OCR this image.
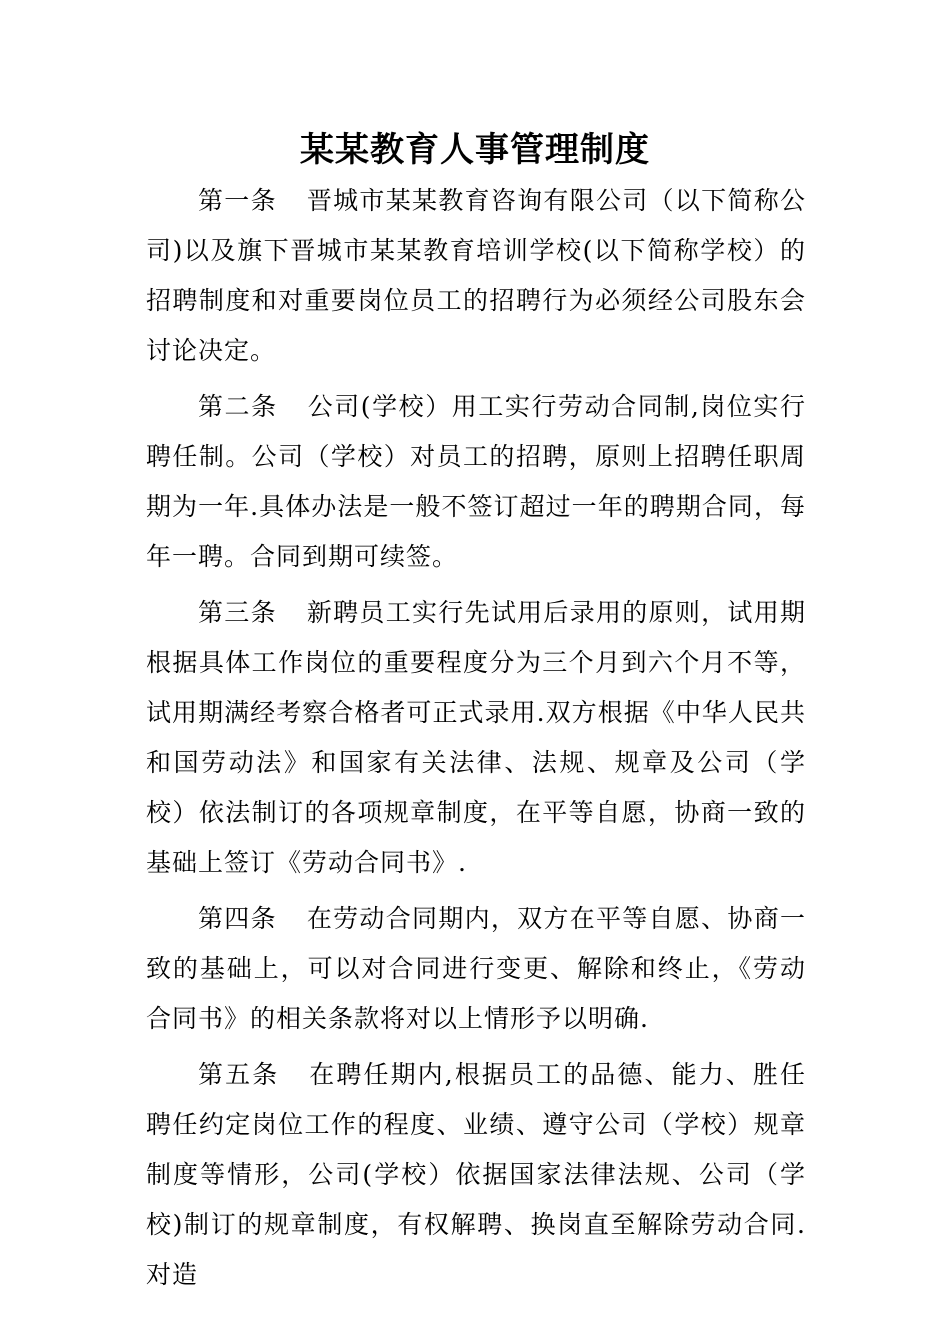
某某教育人事管理制度

第一条 晋城市某某教育咨询有限公司（以下简称公司)以及旗下晋城市某某教育培训学校(以下简称学校）的招聘制度和对重要岗位员工的招聘行为必须经公司股东会讨论决定。

第二条 公司(学校）用工实行劳动合同制,岗位实行聘任制。公司（学校）对员工的招聘，原则上招聘任职周期为一年.具体办法是一般不签订超过一年的聘期合同，每年一聘。合同到期可续签。

第三条 新聘员工实行先试用后录用的原则，试用期根据具体工作岗位的重要程度分为三个月到六个月不等，试用期满经考察合格者可正式录用.双方根据《中华人民共和国劳动法》和国家有关法律、法规、规章及公司（学校）依法制订的各项规章制度，在平等自愿，协商一致的基础上签订《劳动合同书》.

第四条 在劳动合同期内，双方在平等自愿、协商一致的基础上，可以对合同进行变更、解除和终止，《劳动合同书》的相关条款将对以上情形予以明确.

第五条 在聘任期内,根据员工的品德、能力、胜任聘任约定岗位工作的程度、业绩、遵守公司（学校）规章制度等情形，公司(学校）依据国家法律法规、公司（学校)制订的规章制度，有权解聘、换岗直至解除劳动合同.对造
